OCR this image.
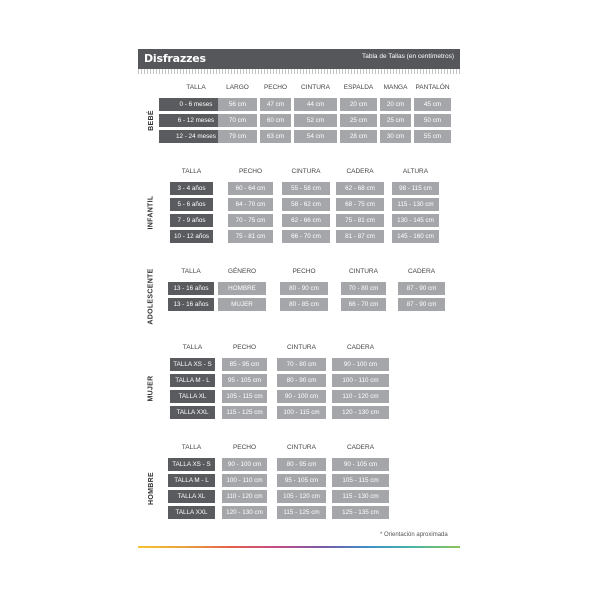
Disfrazzes	Tabla de Tallas (en centímetros)
TALLA	LARGO	PECHO	CINTURA	ESPALDA	MANGA	PANTALÓN
0 - 6 meses	56 cm	47 cm	44 cm	20 cm	20 cm	45 cm
6 - 12 meses	70 cm	60 cm	52 cm	25 cm	25 cm	50 cm
12 - 24 meses	79 cm	63 cm	54 cm	28 cm	30 cm	55 cm
BEBÉ
TALLA	PECHO	CINTURA	CADERA	ALTURA
3 - 4 años	60 - 64 cm	55 - 58 cm	62 - 68 cm	98 - 115 cm
5 - 6 años	64 - 70 cm	58 - 62 cm	68 - 75 cm	115 - 130 cm
7 - 9 años	70 - 75 cm	62 - 66 cm	75 - 81 cm	130 - 145 cm
10 - 12 años	75 - 81 cm	66 - 70 cm	81 - 87 cm	145 - 160 cm
INFANTIL
TALLA	GÉNERO	PECHO	CINTURA	CADERA
13 - 16 años	HOMBRE	80 - 90 cm	70 - 80 cm	87 - 90 cm
13 - 16 años	MUJER	80 - 85 cm	66 - 70 cm	87 - 90 cm
ADOLESCENTE
TALLA	PECHO	CINTURA	CADERA
TALLA XS - S	85 - 95 cm	70 - 80 cm	90 - 100 cm
TALLA M - L	95 - 105 cm	80 - 90 cm	100 - 110 cm
TALLA XL	105 - 115 cm	90 - 100 cm	110 - 120 cm
TALLA XXL	115 - 125 cm	100 - 115 cm	120 - 130 cm
MUJER
TALLA	PECHO	CINTURA	CADERA
TALLA XS - S	90 - 100 cm	80 - 95 cm	90 - 105 cm
TALLA M - L	100 - 110 cm	95 - 105 cm	105 - 115 cm
TALLA XL	110 - 120 cm	105 - 120 cm	115 - 130 cm
TALLA XXL	120 - 130 cm	115 - 125 cm	125 - 135 cm
HOMBRE
* Orientación aproximada
